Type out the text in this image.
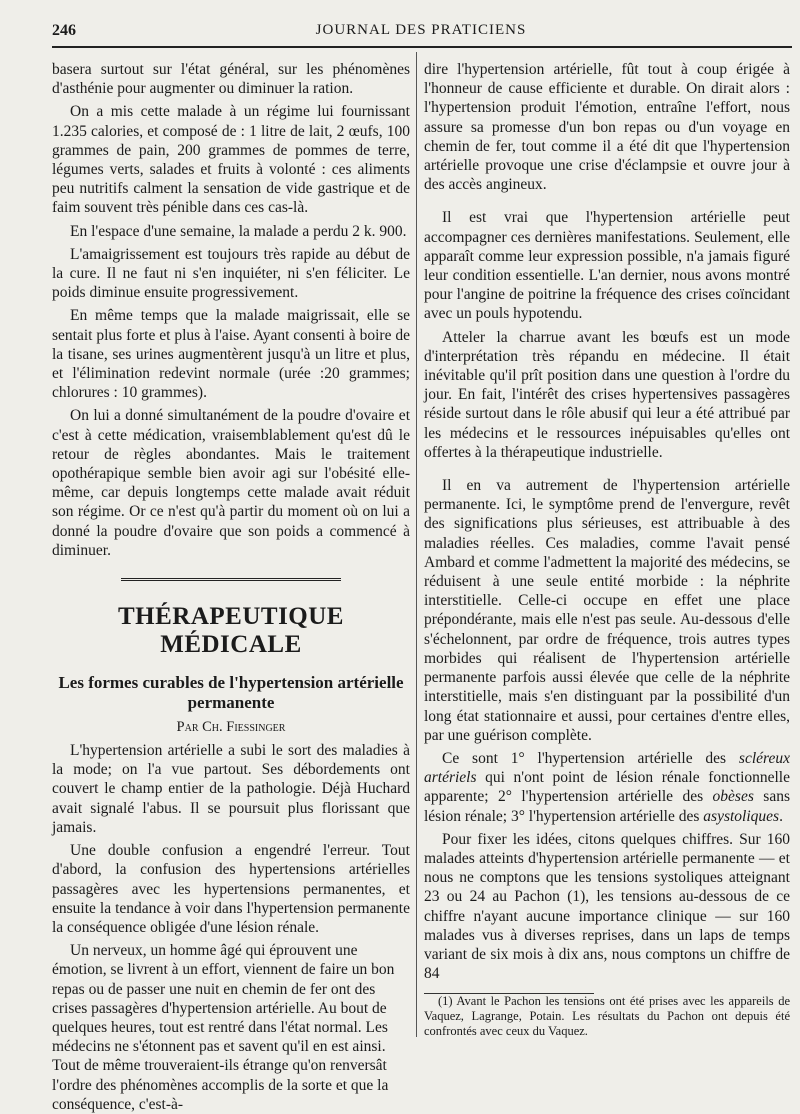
246	JOURNAL DES PRATICIENS

basera surtout sur l'état général, sur les phénomènes d'asthénie pour augmenter ou diminuer la ration.

On a mis cette malade à un régime lui fournissant 1.235 calories, et composé de : 1 litre de lait, 2 œufs, 100 grammes de pain, 200 grammes de pommes de terre, légumes verts, salades et fruits à volonté : ces aliments peu nutritifs calment la sensation de vide gastrique et de faim souvent très pénible dans ces cas-là.

En l'espace d'une semaine, la malade a perdu 2 k. 900.

L'amaigrissement est toujours très rapide au début de la cure. Il ne faut ni s'en inquiéter, ni s'en féliciter. Le poids diminue ensuite progressivement.

En même temps que la malade maigrissait, elle se sentait plus forte et plus à l'aise. Ayant consenti à boire de la tisane, ses urines augmentèrent jusqu'à un litre et plus, et l'élimination redevint normale (urée :20 grammes; chlorures : 10 grammes).

On lui a donné simultanément de la poudre d'ovaire et c'est à cette médication, vraisemblablement qu'est dû le retour de règles abondantes. Mais le traitement opothérapique semble bien avoir agi sur l'obésité elle-même, car depuis longtemps cette malade avait réduit son régime. Or ce n'est qu'à partir du moment où on lui a donné la poudre d'ovaire que son poids a commencé à diminuer.

THÉRAPEUTIQUE MÉDICALE
Les formes curables de l'hypertension artérielle permanente
Par Ch. Fiessinger

L'hypertension artérielle a subi le sort des maladies à la mode; on l'a vue partout. Ses débordements ont couvert le champ entier de la pathologie. Déjà Huchard avait signalé l'abus. Il se poursuit plus florissant que jamais.

Une double confusion a engendré l'erreur. Tout d'abord, la confusion des hypertensions artérielles passagères avec les hypertensions permanentes, et ensuite la tendance à voir dans l'hypertension permanente la conséquence obligée d'une lésion rénale.

Un nerveux, un homme âgé qui éprouvent une émotion, se livrent à un effort, viennent de faire un bon repas ou de passer une nuit en chemin de fer ont des crises passagères d'hypertension artérielle. Au bout de quelques heures, tout est rentré dans l'état normal. Les médecins ne s'étonnent pas et savent qu'il en est ainsi. Tout de même trouveraient-ils étrange qu'on renversât l'ordre des phénomènes accomplis de la sorte et que la conséquence, c'est-à-

dire l'hypertension artérielle, fût tout à coup érigée à l'honneur de cause efficiente et durable. On dirait alors : l'hypertension produit l'émotion, entraîne l'effort, nous assure sa promesse d'un bon repas ou d'un voyage en chemin de fer, tout comme il a été dit que l'hypertension artérielle provoque une crise d'éclampsie et ouvre jour à des accès angineux.

Il est vrai que l'hypertension artérielle peut accompagner ces dernières manifestations. Seulement, elle apparaît comme leur expression possible, n'a jamais figuré leur condition essentielle. L'an dernier, nous avons montré pour l'angine de poitrine la fréquence des crises coïncidant avec un pouls hypotendu.

Atteler la charrue avant les bœufs est un mode d'interprétation très répandu en médecine. Il était inévitable qu'il prît position dans une question à l'ordre du jour. En fait, l'intérêt des crises hypertensives passagères réside surtout dans le rôle abusif qui leur a été attribué par les médecins et le ressources inépuisables qu'elles ont offertes à la thérapeutique industrielle.

Il en va autrement de l'hypertension artérielle permanente. Ici, le symptôme prend de l'envergure, revêt des significations plus sérieuses, est attribuable à des maladies réelles. Ces maladies, comme l'avait pensé Ambard et comme l'admettent la majorité des médecins, se réduisent à une seule entité morbide : la néphrite interstitielle. Celle-ci occupe en effet une place prépondérante, mais elle n'est pas seule. Au-dessous d'elle s'échelonnent, par ordre de fréquence, trois autres types morbides qui réalisent de l'hypertension artérielle permanente parfois aussi élevée que celle de la néphrite interstitielle, mais s'en distinguant par la possibilité d'un long état stationnaire et aussi, pour certaines d'entre elles, par une guérison complète.

Ce sont 1° l'hypertension artérielle des scléreux artériels qui n'ont point de lésion rénale fonctionnelle apparente; 2° l'hypertension artérielle des obèses sans lésion rénale; 3° l'hypertension artérielle des asystoliques.

Pour fixer les idées, citons quelques chiffres. Sur 160 malades atteints d'hypertension artérielle permanente — et nous ne comptons que les tensions systoliques atteignant 23 ou 24 au Pachon (1), les tensions au-dessous de ce chiffre n'ayant aucune importance clinique — sur 160 malades vus à diverses reprises, dans un laps de temps variant de six mois à dix ans, nous comptons un chiffre de 84

(1) Avant le Pachon les tensions ont été prises avec les appareils de Vaquez, Lagrange, Potain. Les résultats du Pachon ont depuis été confrontés avec ceux du Vaquez.
